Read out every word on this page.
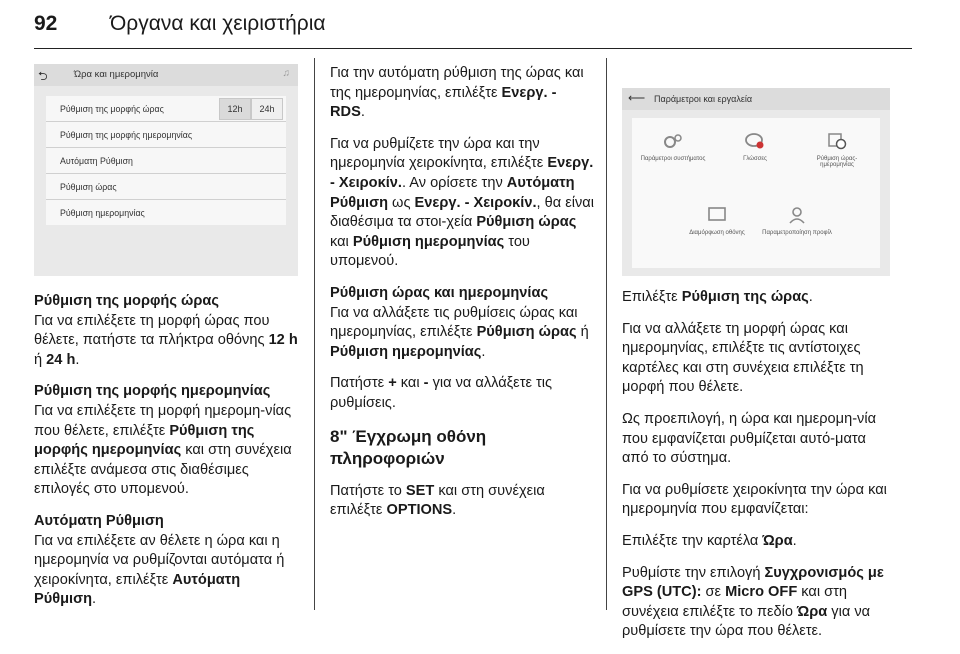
92	Όργανα και χειριστήρια
⮌	Ώρα και ημερομηνία	♫
Ρύθμιση της μορφής ώρας	12h	24h
Ρύθμιση της μορφής ημερομηνίας
Αυτόματη Ρύθμιση
Ρύθμιση ώρας
Ρύθμιση ημερομηνίας

Ρύθμιση της μορφής ώρας
Για να επιλέξετε τη μορφή ώρας που θέλετε, πατήστε τα πλήκτρα οθόνης 12 h ή 24 h.

Ρύθμιση της μορφής ημερομηνίας
Για να επιλέξετε τη μορφή ημερομη-νίας που θέλετε, επιλέξτε Ρύθμιση της μορφής ημερομηνίας και στη συνέχεια επιλέξτε ανάμεσα στις διαθέσιμες επιλογές στο υπομενού.

Αυτόματη Ρύθμιση
Για να επιλέξετε αν θέλετε η ώρα και η ημερομηνία να ρυθμίζονται αυτόματα ή χειροκίνητα, επιλέξτε Αυτόματη Ρύθμιση.

Για την αυτόματη ρύθμιση της ώρας και της ημερομηνίας, επιλέξτε Ενεργ. - RDS.

Για να ρυθμίζετε την ώρα και την ημερομηνία χειροκίνητα, επιλέξτε Ενεργ. - Χειροκίν.. Αν ορίσετε την Αυτόματη Ρύθμιση ως Ενεργ. - Χειροκίν., θα είναι διαθέσιμα τα στοι-χεία Ρύθμιση ώρας και Ρύθμιση ημερομηνίας του υπομενού.

Ρύθμιση ώρας και ημερομηνίας
Για να αλλάξετε τις ρυθμίσεις ώρας και ημερομηνίας, επιλέξτε Ρύθμιση ώρας ή Ρύθμιση ημερομηνίας.

Πατήστε + και - για να αλλάξετε τις ρυθμίσεις.

8" Έγχρωμη οθόνη πληροφοριών

Πατήστε το SET και στη συνέχεια επιλέξτε OPTIONS.

⟵ Παράμετροι και εργαλεία
Παράμετροι συστήματος	Γλώσσες	Ρύθμιση ώρας-ημερομηνίας
Διαμόρφωση οθόνης	Παραμετροποίηση προφίλ

Επιλέξτε Ρύθμιση της ώρας.

Για να αλλάξετε τη μορφή ώρας και ημερομηνίας, επιλέξτε τις αντίστοιχες καρτέλες και στη συνέχεια επιλέξτε τη μορφή που θέλετε.

Ως προεπιλογή, η ώρα και ημερομη-νία που εμφανίζεται ρυθμίζεται αυτό-ματα από το σύστημα.

Για να ρυθμίσετε χειροκίνητα την ώρα και ημερομηνία που εμφανίζεται:

Επιλέξτε την καρτέλα Ώρα.

Ρυθμίστε την επιλογή Συγχρονισμός με GPS (UTC): σε Micro OFF και στη συνέχεια επιλέξτε το πεδίο Ώρα για να ρυθμίσετε την ώρα που θέλετε.
